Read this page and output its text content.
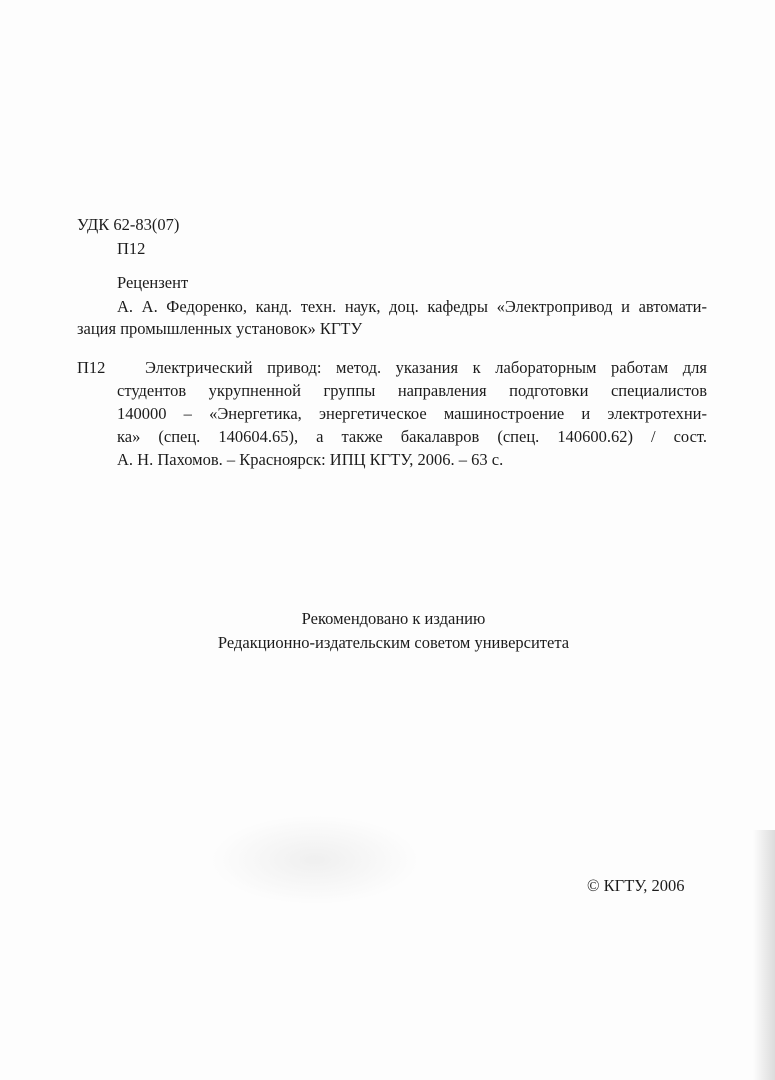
УДК 62-83(07)
П12
Рецензент
А. А. Федоренко, канд. техн. наук, доц. кафедры «Электропривод и автомати-
зация промышленных установок» КГТУ
П12 Электрический привод: метод. указания к лабораторным работам для
студентов укрупненной группы направления подготовки специалистов
140000 – «Энергетика, энергетическое машиностроение и электротехни-
ка» (спец. 140604.65), а также бакалавров (спец. 140600.62) / сост.
А. Н. Пахомов. – Красноярск: ИПЦ КГТУ, 2006. – 63 с.
Рекомендовано к изданию
Редакционно-издательским советом университета
© КГТУ, 2006
